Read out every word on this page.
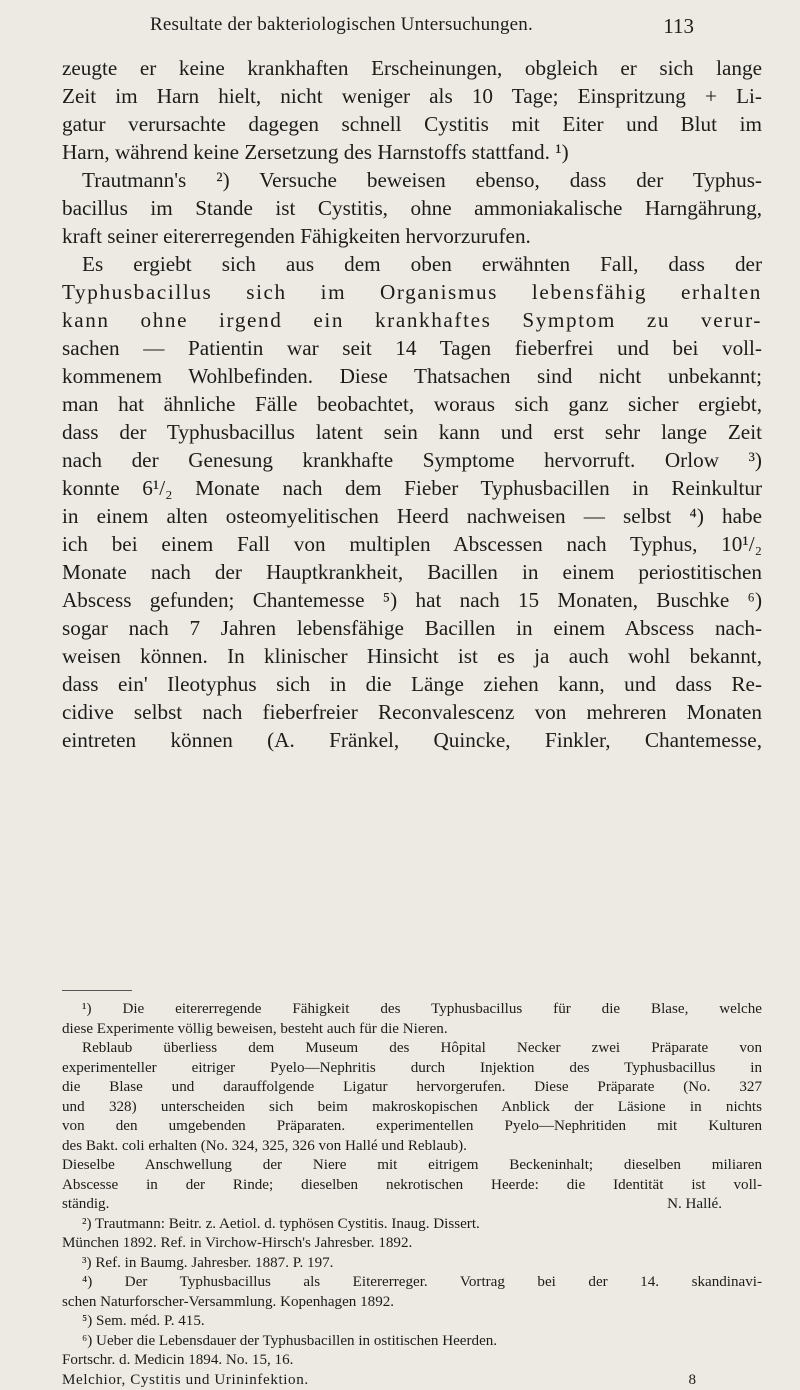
Resultate der bakteriologischen Untersuchungen.	113
zeugte er keine krankhaften Erscheinungen, obgleich er sich lange
Zeit im Harn hielt, nicht weniger als 10 Tage; Einspritzung + Li-
gatur verursachte dagegen schnell Cystitis mit Eiter und Blut im
Harn, während keine Zersetzung des Harnstoffs stattfand. ¹)
Trautmann's ²) Versuche beweisen ebenso, dass der Typhus-
bacillus im Stande ist Cystitis, ohne ammoniakalische Harngährung,
kraft seiner eitererregenden Fähigkeiten hervorzurufen.
Es ergiebt sich aus dem oben erwähnten Fall, dass der
Typhusbacillus sich im Organismus lebensfähig erhalten
kann ohne irgend ein krankhaftes Symptom zu verur-
sachen — Patientin war seit 14 Tagen fieberfrei und bei voll-
kommenem Wohlbefinden. Diese Thatsachen sind nicht unbekannt;
man hat ähnliche Fälle beobachtet, woraus sich ganz sicher ergiebt,
dass der Typhusbacillus latent sein kann und erst sehr lange Zeit
nach der Genesung krankhafte Symptome hervorruft. Orlow ³)
konnte 6¹/₂ Monate nach dem Fieber Typhusbacillen in Reinkultur
in einem alten osteomyelitischen Heerd nachweisen — selbst ⁴) habe
ich bei einem Fall von multiplen Abscessen nach Typhus, 10¹/₂
Monate nach der Hauptkrankheit, Bacillen in einem periostitischen
Abscess gefunden; Chantemesse ⁵) hat nach 15 Monaten, Buschke ⁶)
sogar nach 7 Jahren lebensfähige Bacillen in einem Abscess nach-
weisen können. In klinischer Hinsicht ist es ja auch wohl bekannt,
dass ein' Ileotyphus sich in die Länge ziehen kann, und dass Re-
cidive selbst nach fieberfreier Reconvalescenz von mehreren Monaten
eintreten können (A. Fränkel, Quincke, Finkler, Chantemesse,
¹) Die eitererregende Fähigkeit des Typhusbacillus für die Blase, welche
diese Experimente völlig beweisen, besteht auch für die Nieren.
Reblaub überliess dem Museum des Hôpital Necker zwei Präparate von
experimenteller eitriger Pyelo—Nephritis durch Injektion des Typhusbacillus in
die Blase und darauffolgende Ligatur hervorgerufen. Diese Präparate (No. 327
und 328) unterscheiden sich beim makroskopischen Anblick der Läsione in nichts
von den umgebenden Präparaten. experimentellen Pyelo—Nephritiden mit Kulturen
des Bakt. coli erhalten (No. 324, 325, 326 von Hallé und Reblaub).
Dieselbe Anschwellung der Niere mit eitrigem Beckeninhalt; dieselben miliaren
Abscesse in der Rinde; dieselben nekrotischen Heerde: die Identität ist voll-
ständig.	N. Hallé.
²) Trautmann: Beitr. z. Aetiol. d. typhösen Cystitis. Inaug. Dissert.
München 1892. Ref. in Virchow-Hirsch's Jahresber. 1892.
³) Ref. in Baumg. Jahresber. 1887. P. 197.
⁴) Der Typhusbacillus als Eitererreger. Vortrag bei der 14. skandinavi-
schen Naturforscher-Versammlung. Kopenhagen 1892.
⁵) Sem. méd. P. 415.
⁶) Ueber die Lebensdauer der Typhusbacillen in ostitischen Heerden.
Fortschr. d. Medicin 1894. No. 15, 16.
Melchior, Cystitis und Urininfektion.	8
